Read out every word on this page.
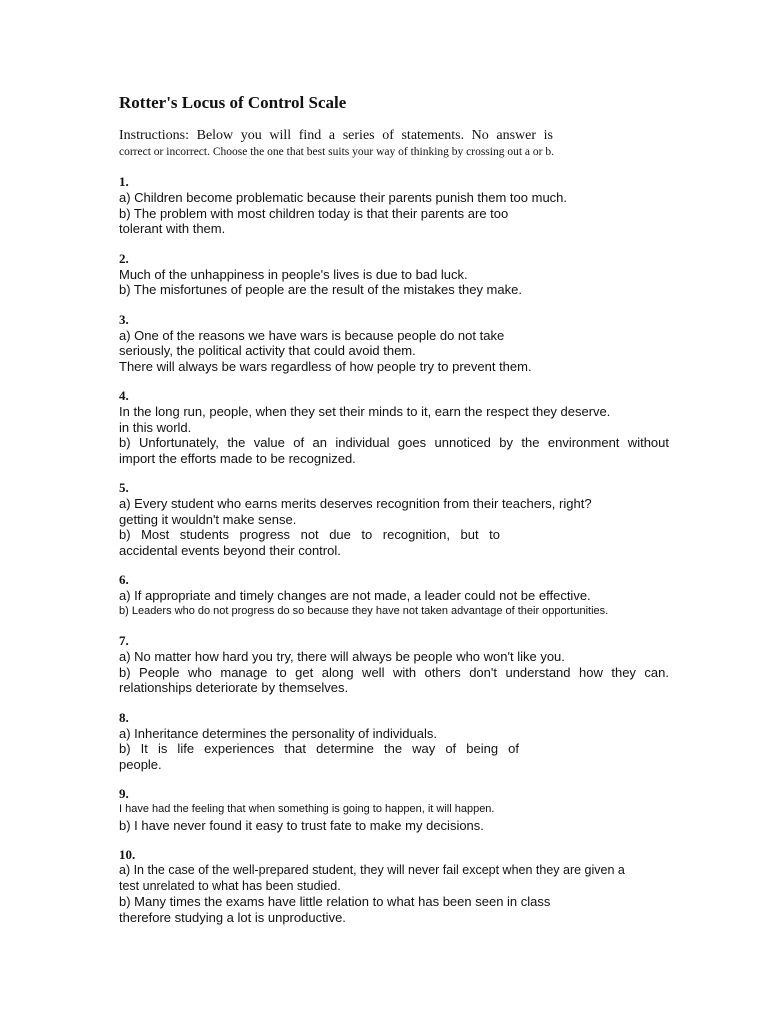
Rotter's Locus of Control Scale
Instructions: Below you will find a series of statements. No answer is
correct or incorrect. Choose the one that best suits your way of thinking by crossing out a or b.
1.
a) Children become problematic because their parents punish them too much.
b) The problem with most children today is that their parents are too
tolerant with them.
2.
Much of the unhappiness in people's lives is due to bad luck.
b) The misfortunes of people are the result of the mistakes they make.
3.
a) One of the reasons we have wars is because people do not take
seriously, the political activity that could avoid them.
There will always be wars regardless of how people try to prevent them.
4.
In the long run, people, when they set their minds to it, earn the respect they deserve.
in this world.
b) Unfortunately, the value of an individual goes unnoticed by the environment without
import the efforts made to be recognized.
5.
a) Every student who earns merits deserves recognition from their teachers, right?
getting it wouldn't make sense.
b) Most students progress not due to recognition, but to
accidental events beyond their control.
6.
a) If appropriate and timely changes are not made, a leader could not be effective.
b) Leaders who do not progress do so because they have not taken advantage of their opportunities.
7.
a) No matter how hard you try, there will always be people who won't like you.
b) People who manage to get along well with others don't understand how they can.
relationships deteriorate by themselves.
8.
a) Inheritance determines the personality of individuals.
b) It is life experiences that determine the way of being of
people.
9.
I have had the feeling that when something is going to happen, it will happen.
b) I have never found it easy to trust fate to make my decisions.
10.
a) In the case of the well-prepared student, they will never fail except when they are given a
test unrelated to what has been studied.
b) Many times the exams have little relation to what has been seen in class
therefore studying a lot is unproductive.
